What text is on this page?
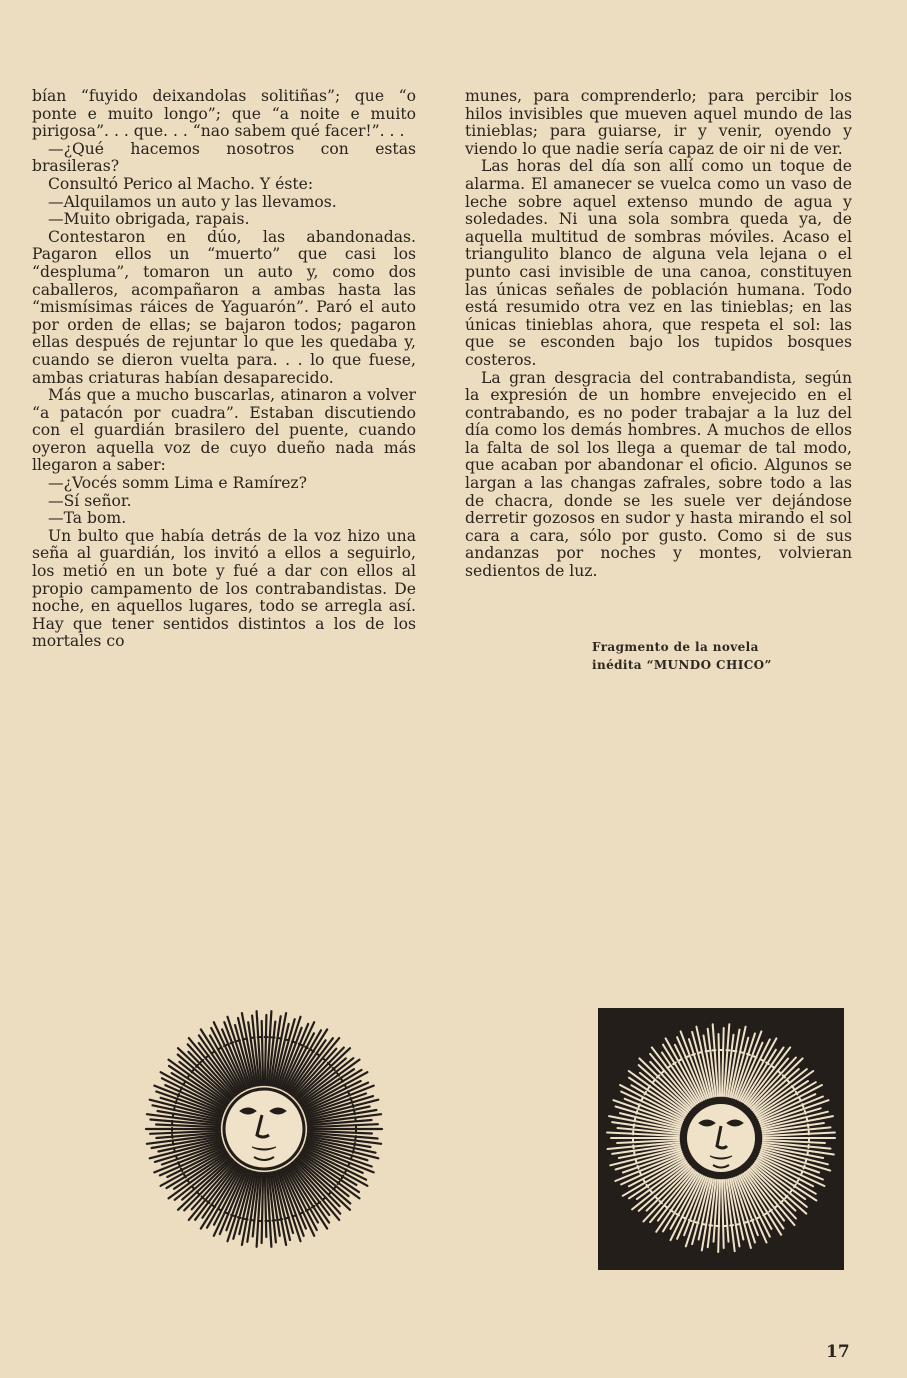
bían “fuyido deixandolas solitiñas”; que “o ponte e muito longo”; que “a noite e muito pirigosa”. . . que. . . “nao sabem qué facer!”. . .

—¿Qué hacemos nosotros con estas brasileras?

Consultó Perico al Macho. Y éste:

—Alquilamos un auto y las llevamos.

—Muito obrigada, rapais.

Contestaron en dúo, las abandonadas. Pagaron ellos un “muerto” que casi los “despluma”, tomaron un auto y, como dos caballeros, acompañaron a ambas hasta las “mismísimas ráices de Yaguarón”. Paró el auto por orden de ellas; se bajaron todos; pagaron ellas después de rejuntar lo que les quedaba y, cuando se dieron vuelta para. . . lo que fuese, ambas criaturas habían desaparecido.

Más que a mucho buscarlas, atinaron a volver “a patacón por cuadra”. Estaban discutiendo con el guardián brasilero del puente, cuando oyeron aquella voz de cuyo dueño nada más llegaron a saber:

—¿Vocés somm Lima e Ramírez?

—Sí señor.

—Ta bom.

Un bulto que había detrás de la voz hizo una seña al guardián, los invitó a ellos a seguirlo, los metió en un bote y fué a dar con ellos al propio campamento de los contrabandistas. De noche, en aquellos lugares, todo se arregla así. Hay que tener sentidos distintos a los de los mortales co

munes, para comprenderlo; para percibir los hilos invisibles que mueven aquel mundo de las tinieblas; para guiarse, ir y venir, oyendo y viendo lo que nadie sería capaz de oir ni de ver.

Las horas del día son allí como un toque de alarma. El amanecer se vuelca como un vaso de leche sobre aquel extenso mundo de agua y soledades. Ni una sola sombra queda ya, de aquella multitud de sombras móviles. Acaso el triangulito blanco de alguna vela lejana o el punto casi invisible de una canoa, constituyen las únicas señales de población humana. Todo está resumido otra vez en las tinieblas; en las únicas tinieblas ahora, que respeta el sol: las que se esconden bajo los tupidos bosques costeros.

La gran desgracia del contrabandista, según la expresión de un hombre envejecido en el contrabando, es no poder trabajar a la luz del día como los demás hombres. A muchos de ellos la falta de sol los llega a quemar de tal modo, que acaban por abandonar el oficio. Algunos se largan a las changas zafrales, sobre todo a las de chacra, donde se les suele ver dejándose derretir gozosos en sudor y hasta mirando el sol cara a cara, sólo por gusto. Como si de sus andanzas por noches y montes, volvieran sedientos de luz.

Fragmento de la novela
inédita “MUNDO CHICO”
17
